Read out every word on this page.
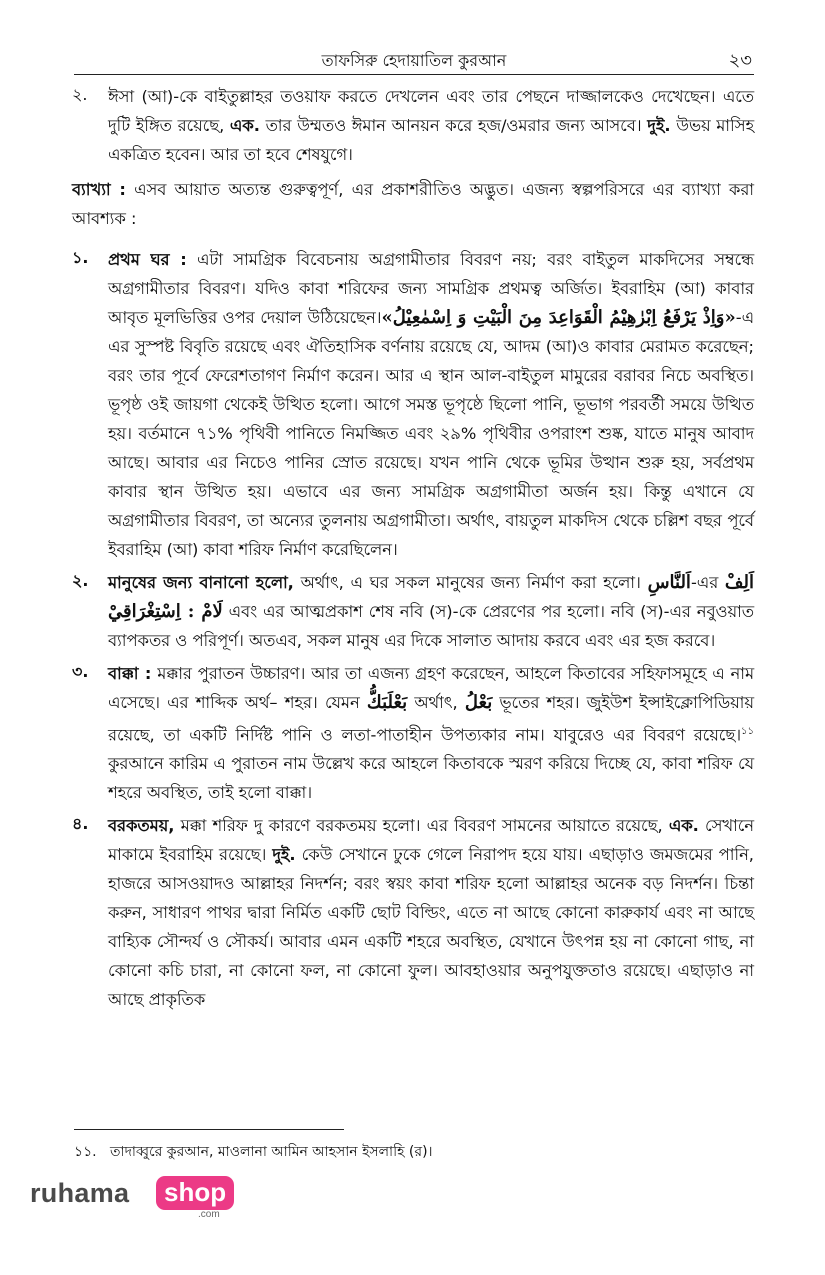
তাফসিরু হেদায়াতিল কুরআন	২৩
২. ঈসা (আ)-কে বাইতুল্লাহর তওয়াফ করতে দেখলেন এবং তার পেছনে দাজ্জালকেও দেখেছেন। এতে দুটি ইঙ্গিত রয়েছে, এক. তার উম্মতও ঈমান আনয়ন করে হজ/ওমরার জন্য আসবে। দুই. উভয় মাসিহ একত্রিত হবেন। আর তা হবে শেষযুগে।

ব্যাখ্যা : এসব আয়াত অত্যন্ত গুরুত্বপূর্ণ, এর প্রকাশরীতিও অদ্ভুত। এজন্য স্বল্পপরিসরে এর ব্যাখ্যা করা আবশ্যক :

১. প্রথম ঘর : এটা সামগ্রিক বিবেচনায় অগ্রগামীতার বিবরণ নয়; বরং বাইতুল মাকদিসের সম্বন্ধে অগ্রগামীতার বিবরণ। যদিও কাবা শরিফের জন্য সামগ্রিক প্রথমত্ব অর্জিত। ইবরাহিম (আ) কাবার আবৃত মূলভিত্তির ওপর দেয়াল উঠিয়েছেন।«وَاِذْ يَرْفَعُ اِبْرٰهِيْمُ الْقَوَاعِدَ مِنَ الْبَيْتِ وَ اِسْمٰعِيْلُ»-এ এর সুস্পষ্ট বিবৃতি রয়েছে এবং ঐতিহাসিক বর্ণনায় রয়েছে যে, আদম (আ)ও কাবার মেরামত করেছেন; বরং তার পূর্বে ফেরেশতাগণ নির্মাণ করেন। আর এ স্থান আল-বাইতুল মামুরের বরাবর নিচে অবস্থিত। ভূপৃষ্ঠ ওই জায়গা থেকেই উত্থিত হলো। আগে সমস্ত ভূপৃষ্ঠে ছিলো পানি, ভূভাগ পরবর্তী সময়ে উত্থিত হয়। বর্তমানে ৭১% পৃথিবী পানিতে নিমজ্জিত এবং ২৯% পৃথিবীর ওপরাংশ শুষ্ক, যাতে মানুষ আবাদ আছে। আবার এর নিচেও পানির স্রোত রয়েছে। যখন পানি থেকে ভূমির উত্থান শুরু হয়, সর্বপ্রথম কাবার স্থান উত্থিত হয়। এভাবে এর জন্য সামগ্রিক অগ্রগামীতা অর্জন হয়। কিন্তু এখানে যে অগ্রগামীতার বিবরণ, তা অন্যের তুলনায় অগ্রগামীতা। অর্থাৎ, বায়তুল মাকদিস থেকে চল্লিশ বছর পূর্বে ইবরাহিম (আ) কাবা শরিফ নির্মাণ করেছিলেন।

২. মানুষের জন্য বানানো হলো, অর্থাৎ, এ ঘর সকল মানুষের জন্য নির্মাণ করা হলো। اَلنَّاسِ-এর اَلِفْ لَامْ : اِسْتِغْرَاقِيْ এবং এর আত্মপ্রকাশ শেষ নবি (স)-কে প্রেরণের পর হলো। নবি (স)-এর নবুওয়াত ব্যাপকতর ও পরিপূর্ণ। অতএব, সকল মানুষ এর দিকে সালাত আদায় করবে এবং এর হজ করবে।

৩. বাক্কা : মক্কার পুরাতন উচ্চারণ। আর তা এজন্য গ্রহণ করেছেন, আহলে কিতাবের সহিফাসমূহে এ নাম এসেছে। এর শাব্দিক অর্থ– শহর। যেমন بَعْلَبَكُّ অর্থাৎ, بَعْلُ ভূতের শহর। জুইউশ ইন্সাইক্লোপিডিয়ায় রয়েছে, তা একটি নির্দিষ্ট পানি ও লতা-পাতাহীন উপত্যকার নাম। যাবুরেও এর বিবরণ রয়েছে।$^{১১}$ কুরআনে কারিম এ পুরাতন নাম উল্লেখ করে আহলে কিতাবকে স্মরণ করিয়ে দিচ্ছে যে, কাবা শরিফ যে শহরে অবস্থিত, তাই হলো বাক্কা।

৪. বরকতময়, মক্কা শরিফ দু কারণে বরকতময় হলো। এর বিবরণ সামনের আয়াতে রয়েছে, এক. সেখানে মাকামে ইবরাহিম রয়েছে। দুই. কেউ সেখানে ঢুকে গেলে নিরাপদ হয়ে যায়। এছাড়াও জমজমের পানি, হাজরে আসওয়াদও আল্লাহর নিদর্শন; বরং স্বয়ং কাবা শরিফ হলো আল্লাহর অনেক বড় নিদর্শন। চিন্তা করুন, সাধারণ পাথর দ্বারা নির্মিত একটি ছোট বিল্ডিং, এতে না আছে কোনো কারুকার্য এবং না আছে বাহ্যিক সৌন্দর্য ও সৌকর্য। আবার এমন একটি শহরে অবস্থিত, যেখানে উৎপন্ন হয় না কোনো গাছ, না কোনো কচি চারা, না কোনো ফল, না কোনো ফুল। আবহাওয়ার অনুপযুক্ততাও রয়েছে। এছাড়াও না আছে প্রাকৃতিক

১১. তাদাব্বুরে কুরআন, মাওলানা আমিন আহসান ইসলাহি (র)।
ruhama	shop
.com
